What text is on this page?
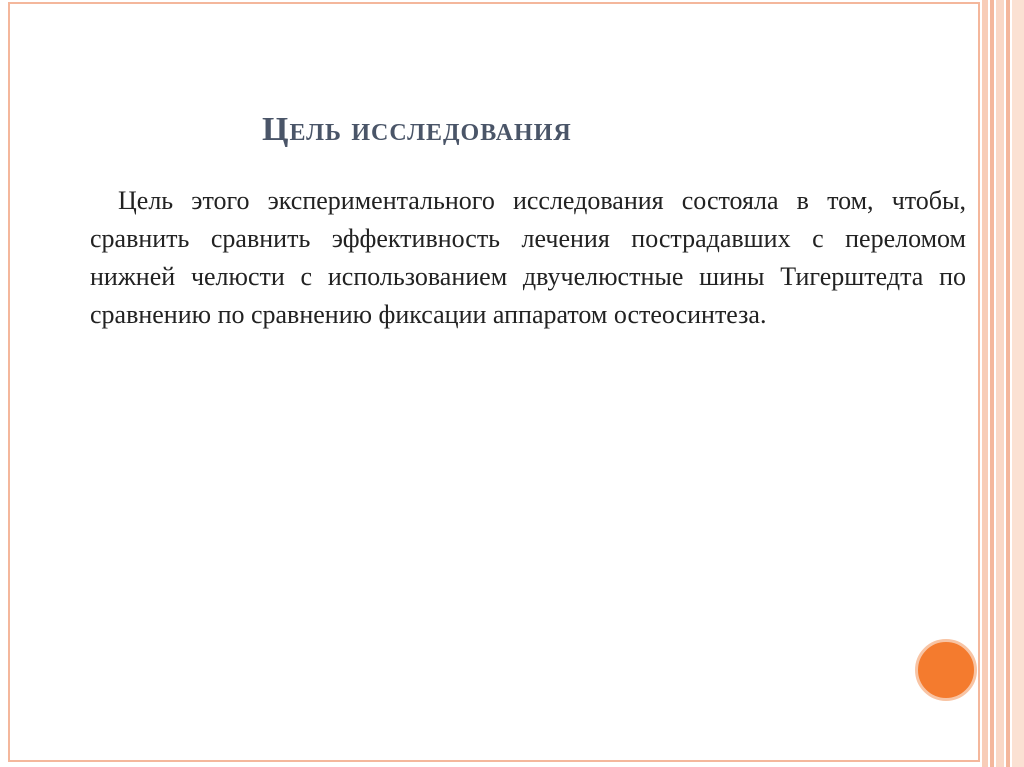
Цель исследования
Цель этого экспериментального исследования состояла в том, чтобы, сравнить сравнить эффективность лечения пострадавших с переломом нижней челюсти с использованием двучелюстные шины Тигерштедта по сравнению по сравнению фиксации аппаратом остеосинтеза.
